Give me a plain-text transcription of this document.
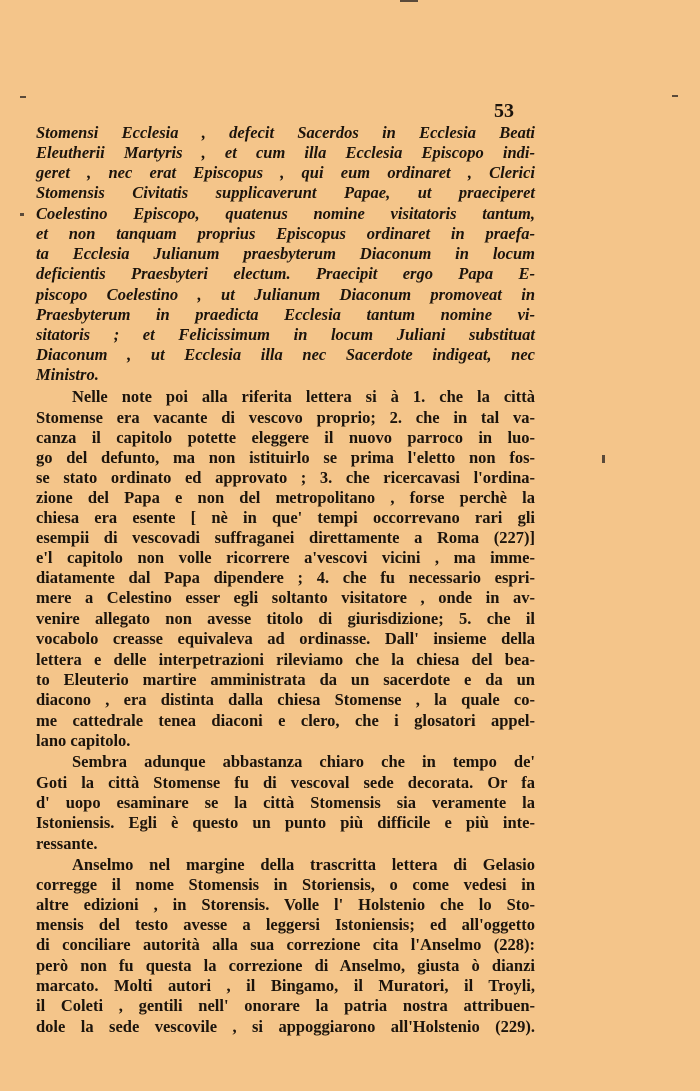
53
Stomensi Ecclesia , defecit Sacerdos in Ecclesia Beati
Eleutherii Martyris , et cum illa Ecclesia Episcopo indi-
geret , nec erat Episcopus , qui eum ordinaret , Clerici
Stomensis Civitatis supplicaverunt Papae, ut praeciperet
Coelestino Episcopo, quatenus nomine visitatoris tantum,
et non tanquam proprius Episcopus ordinaret in praefa-
ta Ecclesia Julianum praesbyterum Diaconum in locum
deficientis Praesbyteri electum. Praecipit ergo Papa E-
piscopo Coelestino , ut Julianum Diaconum promoveat in
Praesbyterum in praedicta Ecclesia tantum nomine vi-
sitatoris ; et Felicissimum in locum Juliani substituat
Diaconum , ut Ecclesia illa nec Sacerdote indigeat, nec
Ministro.
Nelle note poi alla riferita lettera si à 1. che la città
Stomense era vacante di vescovo proprio; 2. che in tal va-
canza il capitolo potette eleggere il nuovo parroco in luo-
go del defunto, ma non istituirlo se prima l'eletto non fos-
se stato ordinato ed approvato ; 3. che ricercavasi l'ordina-
zione del Papa e non del metropolitano , forse perchè la
chiesa era esente [ nè in que' tempi occorrevano rari gli
esempii di vescovadi suffraganei direttamente a Roma (227)]
e'l capitolo non volle ricorrere a'vescovi vicini , ma imme-
diatamente dal Papa dipendere ; 4. che fu necessario espri-
mere a Celestino esser egli soltanto visitatore , onde in av-
venire allegato non avesse titolo di giurisdizione; 5. che il
vocabolo creasse equivaleva ad ordinasse. Dall' insieme della
lettera e delle interpetrazioni rileviamo che la chiesa del bea-
to Eleuterio martire amministrata da un sacerdote e da un
diacono , era distinta dalla chiesa Stomense , la quale co-
me cattedrale tenea diaconi e clero, che i glosatori appel-
lano capitolo.
Sembra adunque abbastanza chiaro che in tempo de'
Goti la città Stomense fu di vescoval sede decorata. Or fa
d' uopo esaminare se la città Stomensis sia veramente la
Istoniensis. Egli è questo un punto più difficile e più inte-
ressante.
Anselmo nel margine della trascritta lettera di Gelasio
corregge il nome Stomensis in Storiensis, o come vedesi in
altre edizioni , in Storensis. Volle l' Holstenio che lo Sto-
mensis del testo avesse a leggersi Istoniensis; ed all'oggetto
di conciliare autorità alla sua correzione cita l'Anselmo (228):
però non fu questa la correzione di Anselmo, giusta ò dianzi
marcato. Molti autori , il Bingamo, il Muratori, il Troyli,
il Coleti , gentili nell' onorare la patria nostra attribuen-
dole la sede vescovile , si appoggiarono all'Holstenio (229).
